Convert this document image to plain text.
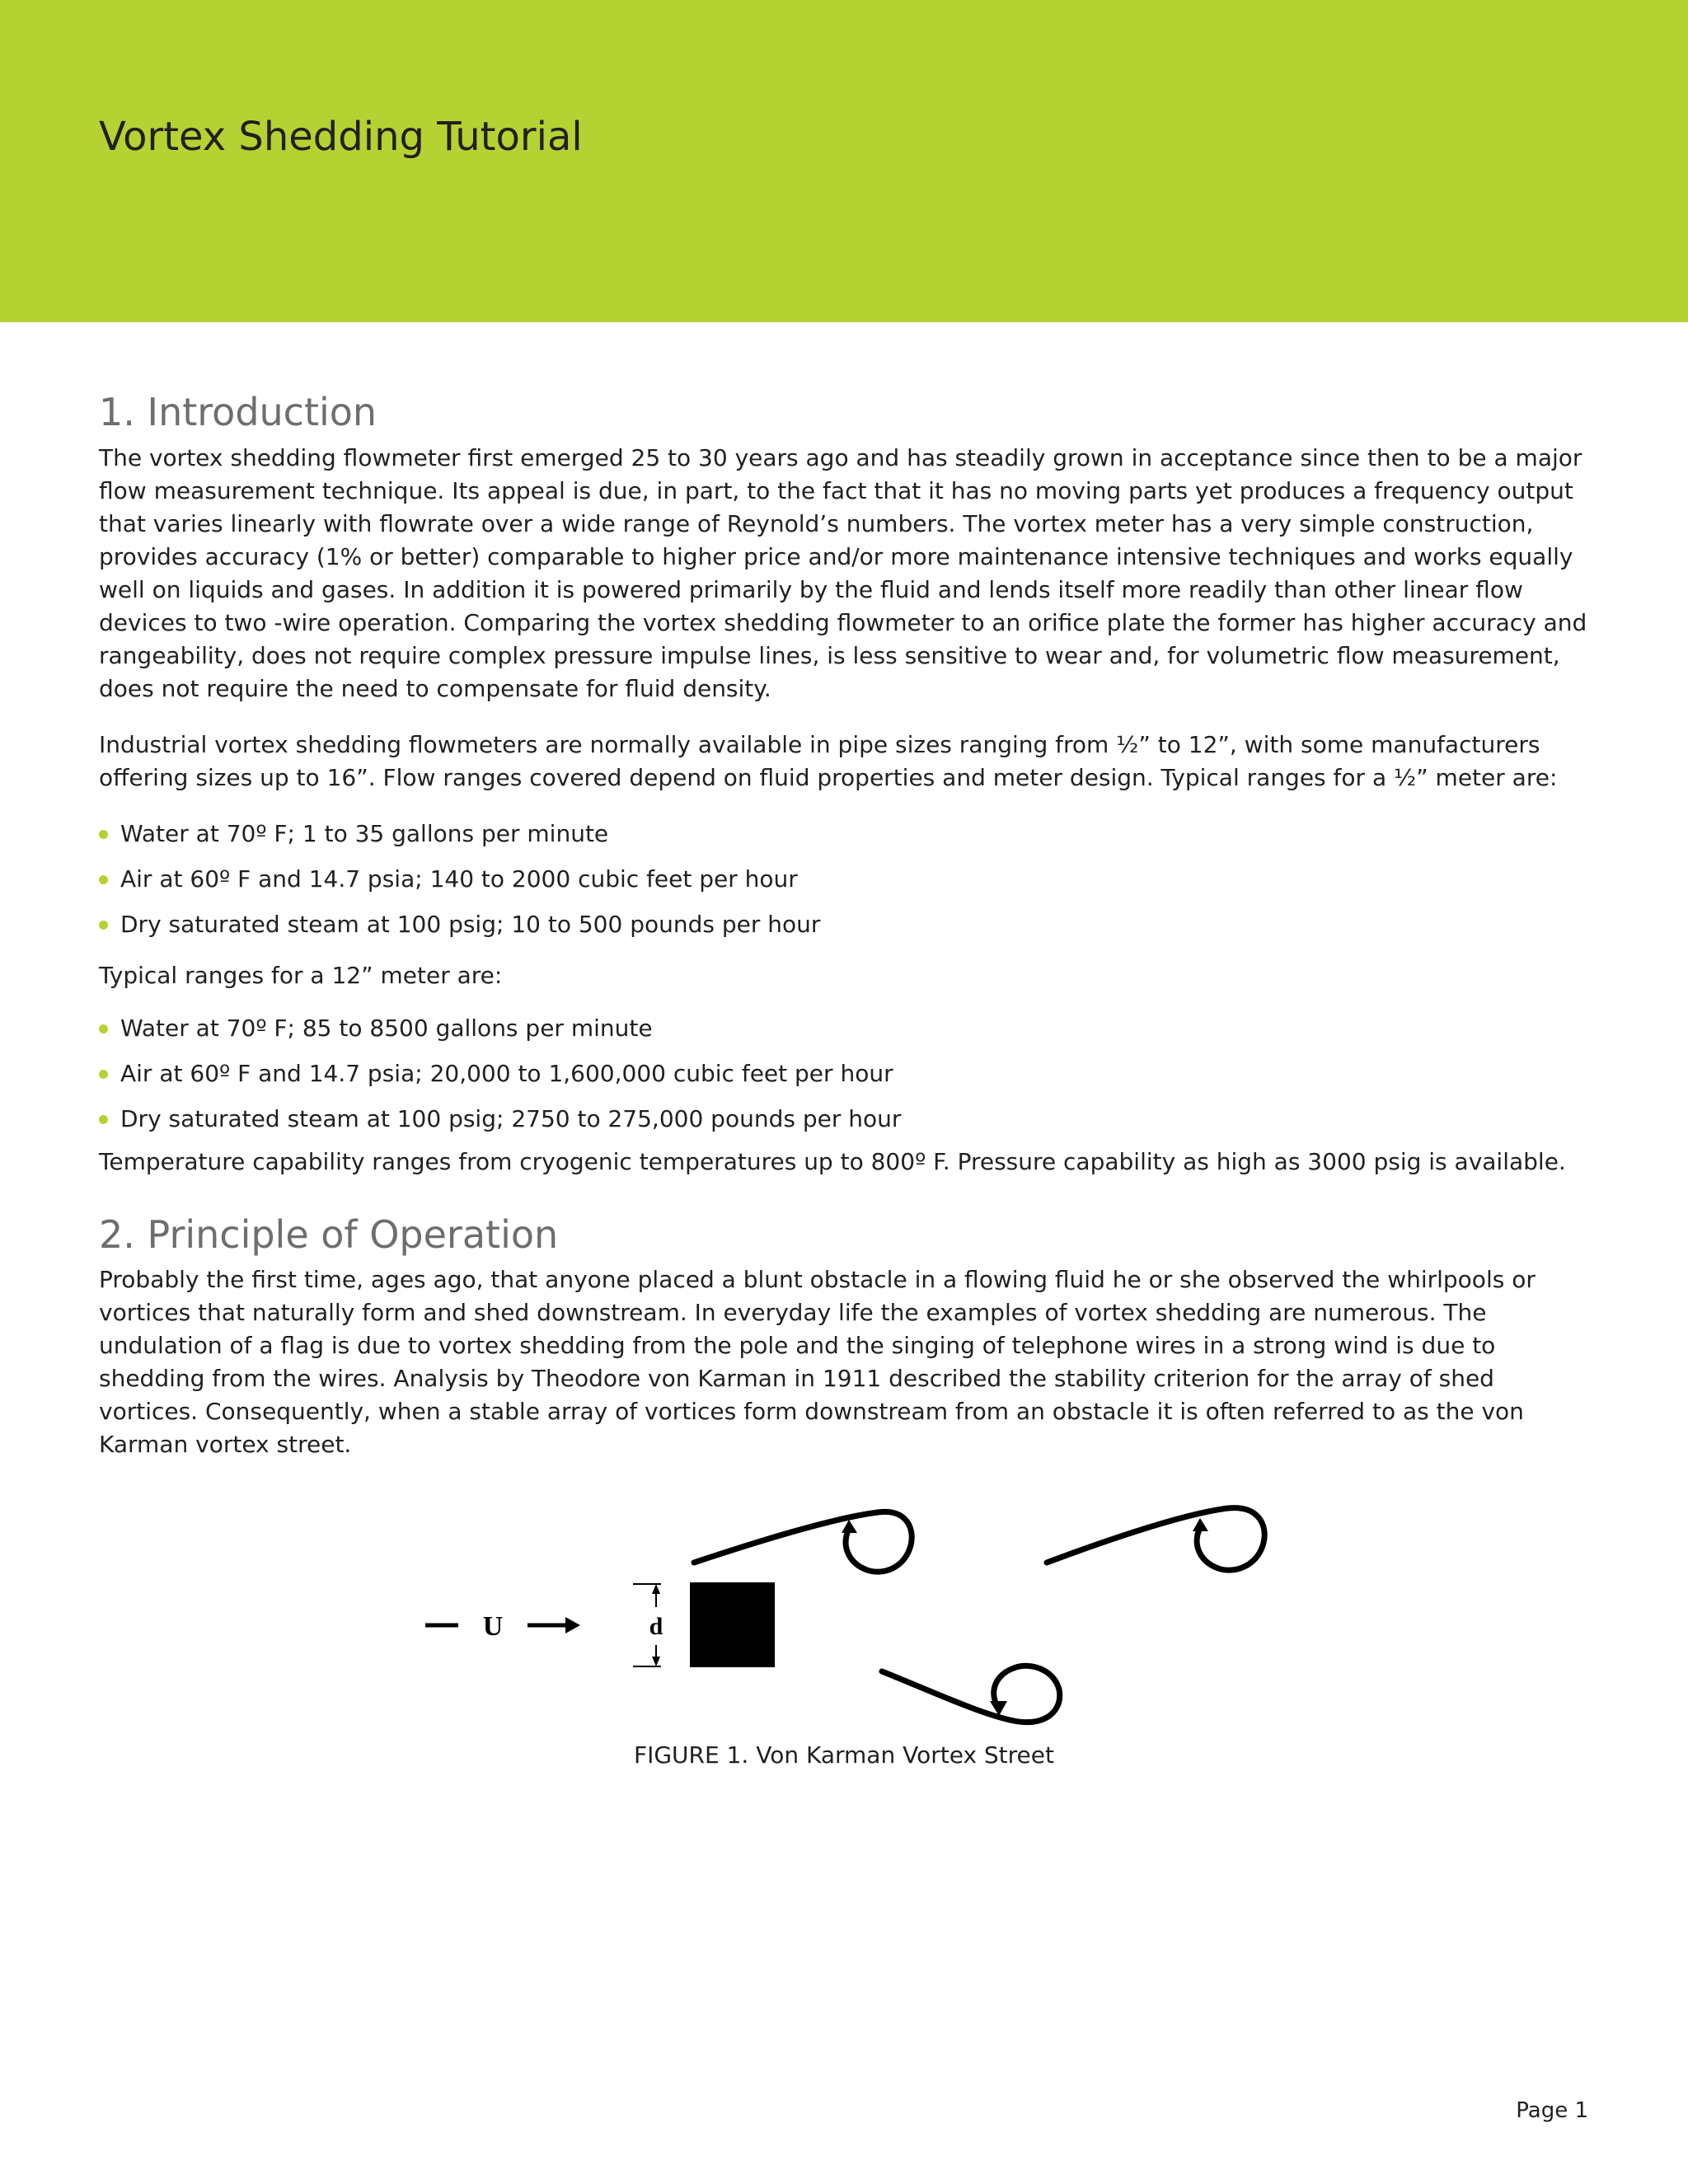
Vortex Shedding Tutorial
1. Introduction

The vortex shedding flowmeter first emerged 25 to 30 years ago and has steadily grown in acceptance since then to be a major flow measurement technique. Its appeal is due, in part, to the fact that it has no moving parts yet produces a frequency output that varies linearly with flowrate over a wide range of Reynold’s numbers. The vortex meter has a very simple construction, provides accuracy (1% or better) comparable to higher price and/or more maintenance intensive techniques and works equally well on liquids and gases. In addition it is powered primarily by the fluid and lends itself more readily than other linear flow devices to two -wire operation. Comparing the vortex shedding flowmeter to an orifice plate the former has higher accuracy and rangeability, does not require complex pressure impulse lines, is less sensitive to wear and, for volumetric flow measurement, does not require the need to compensate for fluid density.

Industrial vortex shedding flowmeters are normally available in pipe sizes ranging from ½” to 12”, with some manufacturers offering sizes up to 16”. Flow ranges covered depend on fluid properties and meter design. Typical ranges for a ½” meter are:

Water at 70º F; 1 to 35 gallons per minute
Air at 60º F and 14.7 psia; 140 to 2000 cubic feet per hour
Dry saturated steam at 100 psig; 10 to 500 pounds per hour

Typical ranges for a 12” meter are:

Water at 70º F; 85 to 8500 gallons per minute
Air at 60º F and 14.7 psia; 20,000 to 1,600,000 cubic feet per hour
Dry saturated steam at 100 psig; 2750 to 275,000 pounds per hour

Temperature capability ranges from cryogenic temperatures up to 800º F. Pressure capability as high as 3000 psig is available.

2. Principle of Operation

Probably the first time, ages ago, that anyone placed a blunt obstacle in a flowing fluid he or she observed the whirlpools or vortices that naturally form and shed downstream. In everyday life the examples of vortex shedding are numerous. The undulation of a flag is due to vortex shedding from the pole and the singing of telephone wires in a strong wind is due to shedding from the wires. Analysis by Theodore von Karman in 1911 described the stability criterion for the array of shed vortices. Consequently, when a stable array of vortices form downstream from an obstacle it is often referred to as the von Karman vortex street.

U	d

FIGURE 1. Von Karman Vortex Street

Page 1
